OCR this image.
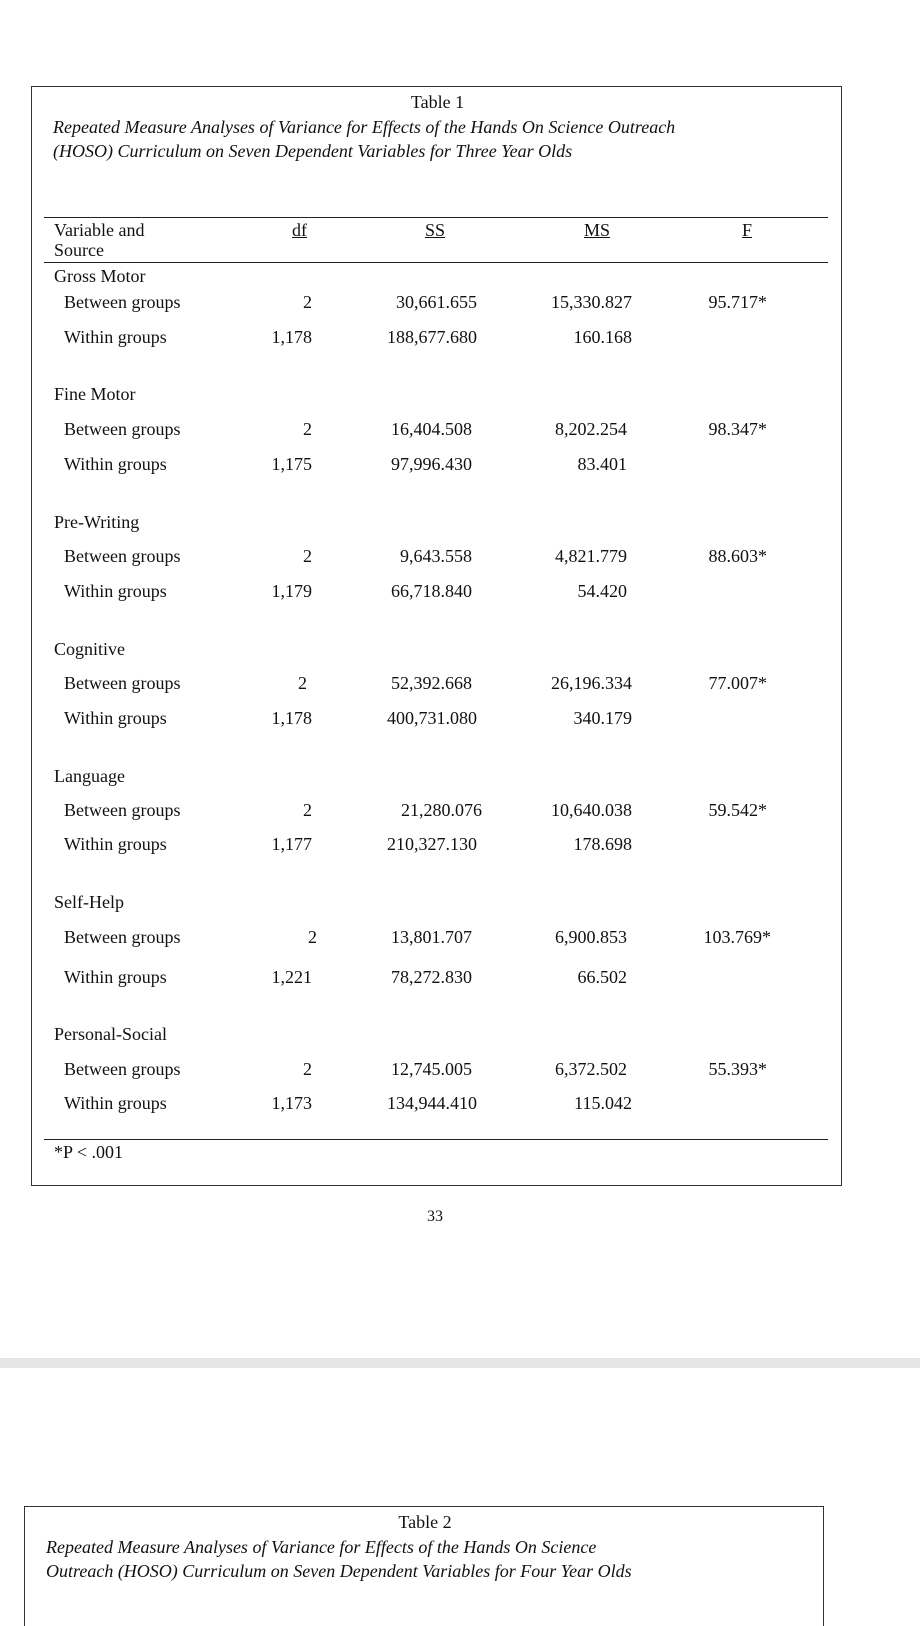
Table 1
Repeated Measure Analyses of Variance for Effects of the Hands On Science Outreach
(HOSO) Curriculum on Seven Dependent Variables for Three Year Olds
Variable and
Source
df	SS	MS	F
Gross Motor
Between groups	2	30,661.655	15,330.827	95.717*
Within groups	1,178	188,677.680	160.168
Fine Motor
Between groups	2	16,404.508	8,202.254	98.347*
Within groups	1,175	97,996.430	83.401
Pre-Writing
Between groups	2	9,643.558	4,821.779	88.603*
Within groups	1,179	66,718.840	54.420
Cognitive
Between groups	2	52,392.668	26,196.334	77.007*
Within groups	1,178	400,731.080	340.179
Language
Between groups	2	21,280.076	10,640.038	59.542*
Within groups	1,177	210,327.130	178.698
Self-Help
Between groups	2	13,801.707	6,900.853	103.769*
Within groups	1,221	78,272.830	66.502
Personal-Social
Between groups	2	12,745.005	6,372.502	55.393*
Within groups	1,173	134,944.410	115.042
*P < .001
33
Table 2
Repeated Measure Analyses of Variance for Effects of the Hands On Science
Outreach (HOSO) Curriculum on Seven Dependent Variables for Four Year Olds
